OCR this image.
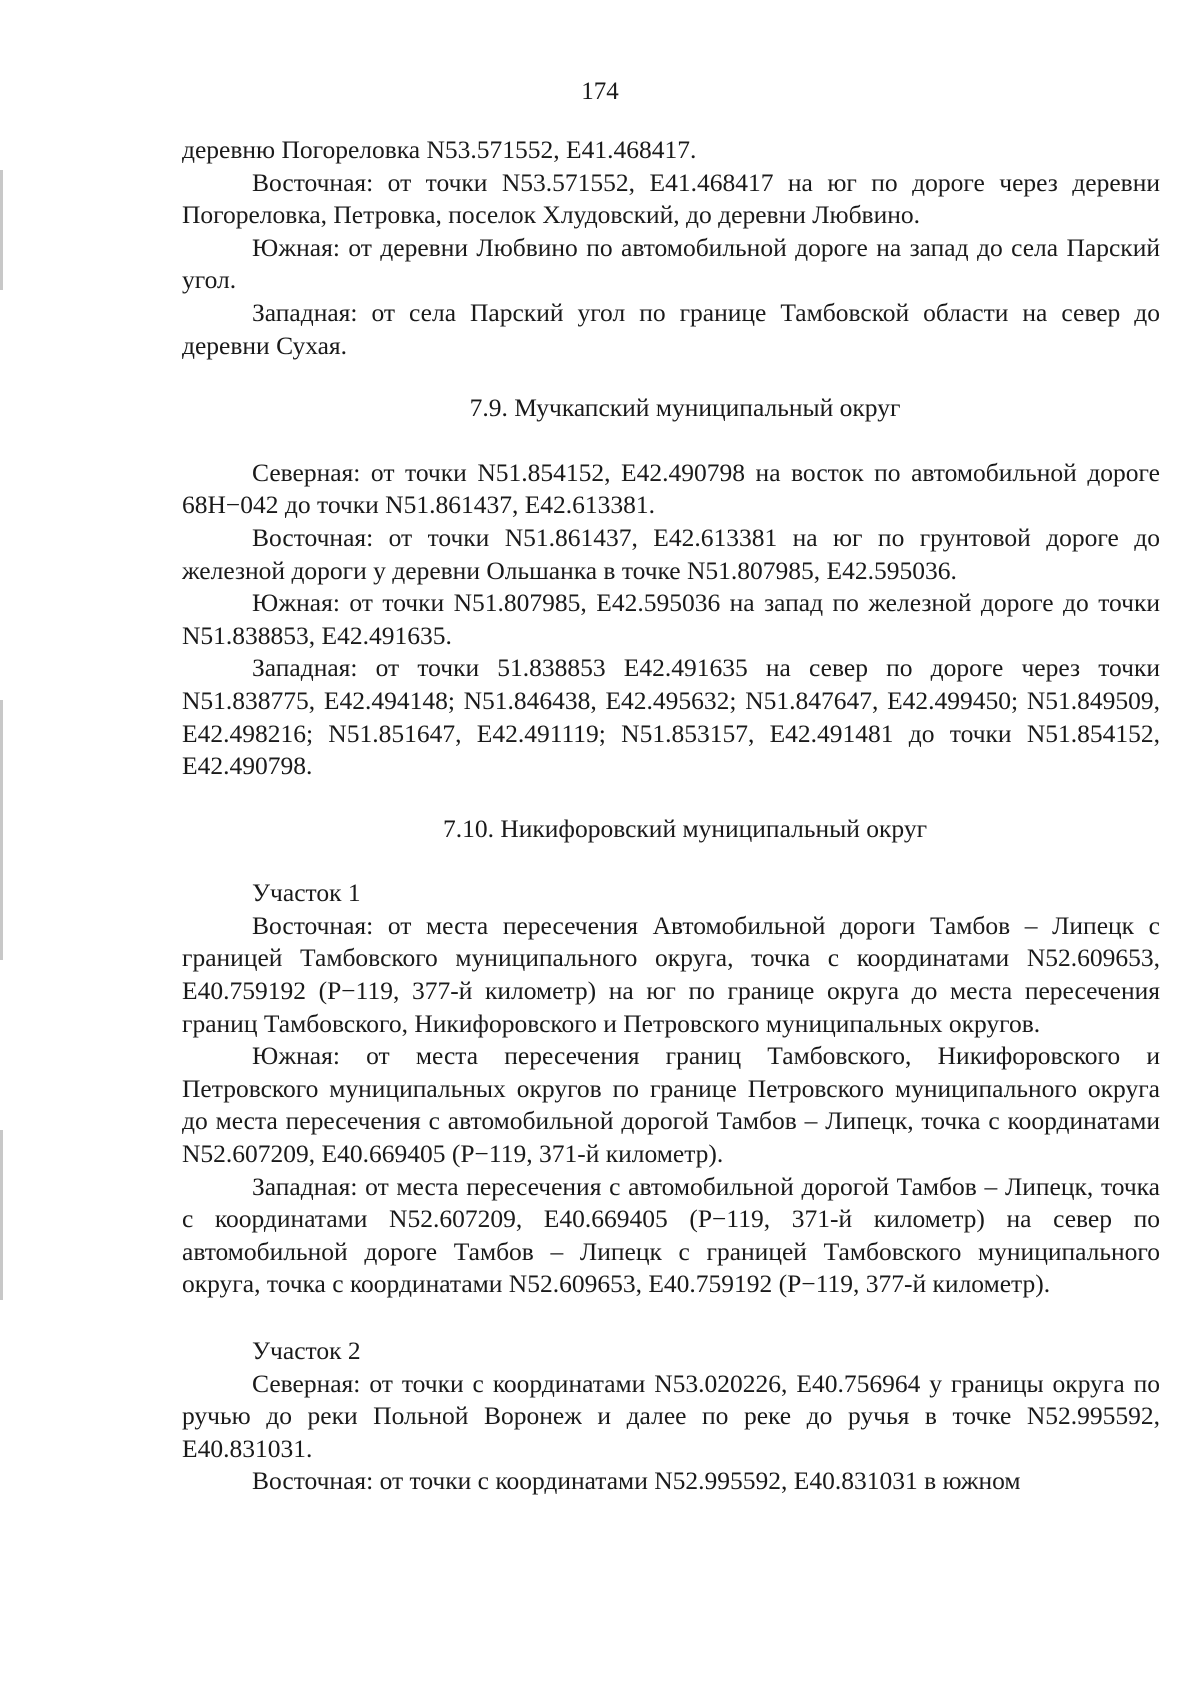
174

деревню Погореловка N53.571552, E41.468417.

Восточная: от точки N53.571552, E41.468417 на юг по дороге через деревни Погореловка, Петровка, поселок Хлудовский, до деревни Любвино.

Южная: от деревни Любвино по автомобильной дороге на запад до села Парский угол.

Западная: от села Парский угол по границе Тамбовской области на север до деревни Сухая.

7.9. Мучкапский муниципальный округ

Северная: от точки N51.854152, E42.490798 на восток по автомобильной дороге 68Н−042 до точки N51.861437, E42.613381.

Восточная: от точки N51.861437, E42.613381 на юг по грунтовой дороге до железной дороги у деревни Ольшанка в точке N51.807985, E42.595036.

Южная: от точки N51.807985, E42.595036 на запад по железной дороге до точки N51.838853, E42.491635.

Западная: от точки 51.838853 E42.491635 на север по дороге через точки N51.838775, E42.494148; N51.846438, E42.495632; N51.847647, E42.499450; N51.849509, E42.498216; N51.851647, E42.491119; N51.853157, E42.491481 до точки N51.854152, E42.490798.

7.10. Никифоровский муниципальный округ

Участок 1

Восточная: от места пересечения Автомобильной дороги Тамбов – Липецк с границей Тамбовского муниципального округа, точка с координатами N52.609653, E40.759192 (Р−119, 377-й километр) на юг по границе округа до места пересечения границ Тамбовского, Никифоровского и Петровского муниципальных округов.

Южная: от места пересечения границ Тамбовского, Никифоровского и Петровского муниципальных округов по границе Петровского муниципального округа до места пересечения с автомобильной дорогой Тамбов – Липецк, точка с координатами N52.607209, E40.669405 (Р−119, 371-й километр).

Западная: от места пересечения с автомобильной дорогой Тамбов – Липецк, точка с координатами N52.607209, E40.669405 (Р−119, 371-й километр) на север по автомобильной дороге Тамбов – Липецк с границей Тамбовского муниципального округа, точка с координатами N52.609653, E40.759192 (Р−119, 377-й километр).

Участок 2

Северная: от точки с координатами N53.020226, E40.756964 у границы округа по ручью до реки Польной Воронеж и далее по реке до ручья в точке N52.995592, E40.831031.

Восточная: от точки с координатами N52.995592, E40.831031 в южном
